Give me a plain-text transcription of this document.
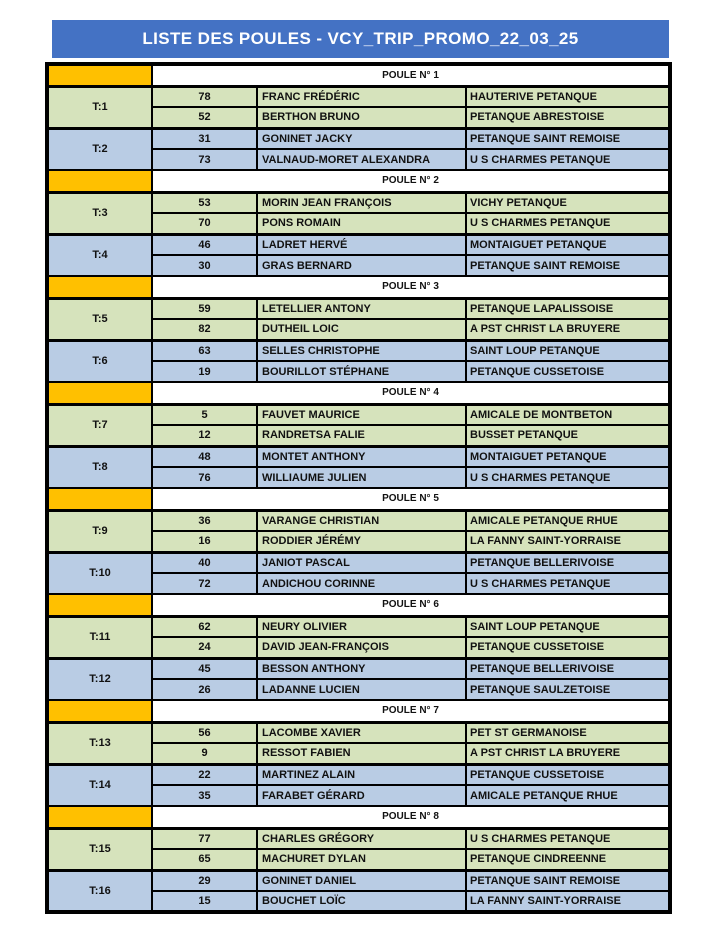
LISTE DES POULES - VCY_TRIP_PROMO_22_03_25
	POULE N° 1		
T:1	78	FRANC FRÉDÉRIC	HAUTERIVE PETANQUE
	52	BERTHON BRUNO	PETANQUE ABRESTOISE
T:2	31	GONINET JACKY	PETANQUE SAINT REMOISE
	73	VALNAUD-MORET ALEXANDRA	U S CHARMES PETANQUE
	POULE N° 2		
T:3	53	MORIN JEAN FRANÇOIS	VICHY PETANQUE
	70	PONS ROMAIN	U S CHARMES PETANQUE
T:4	46	LADRET HERVÉ	MONTAIGUET PETANQUE
	30	GRAS BERNARD	PETANQUE SAINT REMOISE
	POULE N° 3		
T:5	59	LETELLIER ANTONY	PETANQUE LAPALISSOISE
	82	DUTHEIL LOIC	A PST CHRIST LA BRUYERE
T:6	63	SELLES CHRISTOPHE	SAINT LOUP PETANQUE
	19	BOURILLOT STÉPHANE	PETANQUE CUSSETOISE
	POULE N° 4		
T:7	5	FAUVET MAURICE	AMICALE DE MONTBETON
	12	RANDRETSA FALIE	BUSSET PETANQUE
T:8	48	MONTET ANTHONY	MONTAIGUET PETANQUE
	76	WILLIAUME JULIEN	U S CHARMES PETANQUE
	POULE N° 5		
T:9	36	VARANGE CHRISTIAN	AMICALE PETANQUE RHUE
	16	RODDIER JÉRÉMY	LA FANNY SAINT-YORRAISE
T:10	40	JANIOT PASCAL	PETANQUE BELLERIVOISE
	72	ANDICHOU CORINNE	U S CHARMES PETANQUE
	POULE N° 6		
T:11	62	NEURY OLIVIER	SAINT LOUP PETANQUE
	24	DAVID JEAN-FRANÇOIS	PETANQUE CUSSETOISE
T:12	45	BESSON ANTHONY	PETANQUE BELLERIVOISE
	26	LADANNE LUCIEN	PETANQUE SAULZETOISE
	POULE N° 7		
T:13	56	LACOMBE XAVIER	PET ST GERMANOISE
	9	RESSOT FABIEN	A PST CHRIST LA BRUYERE
T:14	22	MARTINEZ ALAIN	PETANQUE CUSSETOISE
	35	FARABET GÉRARD	AMICALE PETANQUE RHUE
	POULE N° 8		
T:15	77	CHARLES GRÉGORY	U S CHARMES PETANQUE
	65	MACHURET DYLAN	PETANQUE CINDREENNE
T:16	29	GONINET DANIEL	PETANQUE SAINT REMOISE
	15	BOUCHET LOÏC	LA FANNY SAINT-YORRAISE
